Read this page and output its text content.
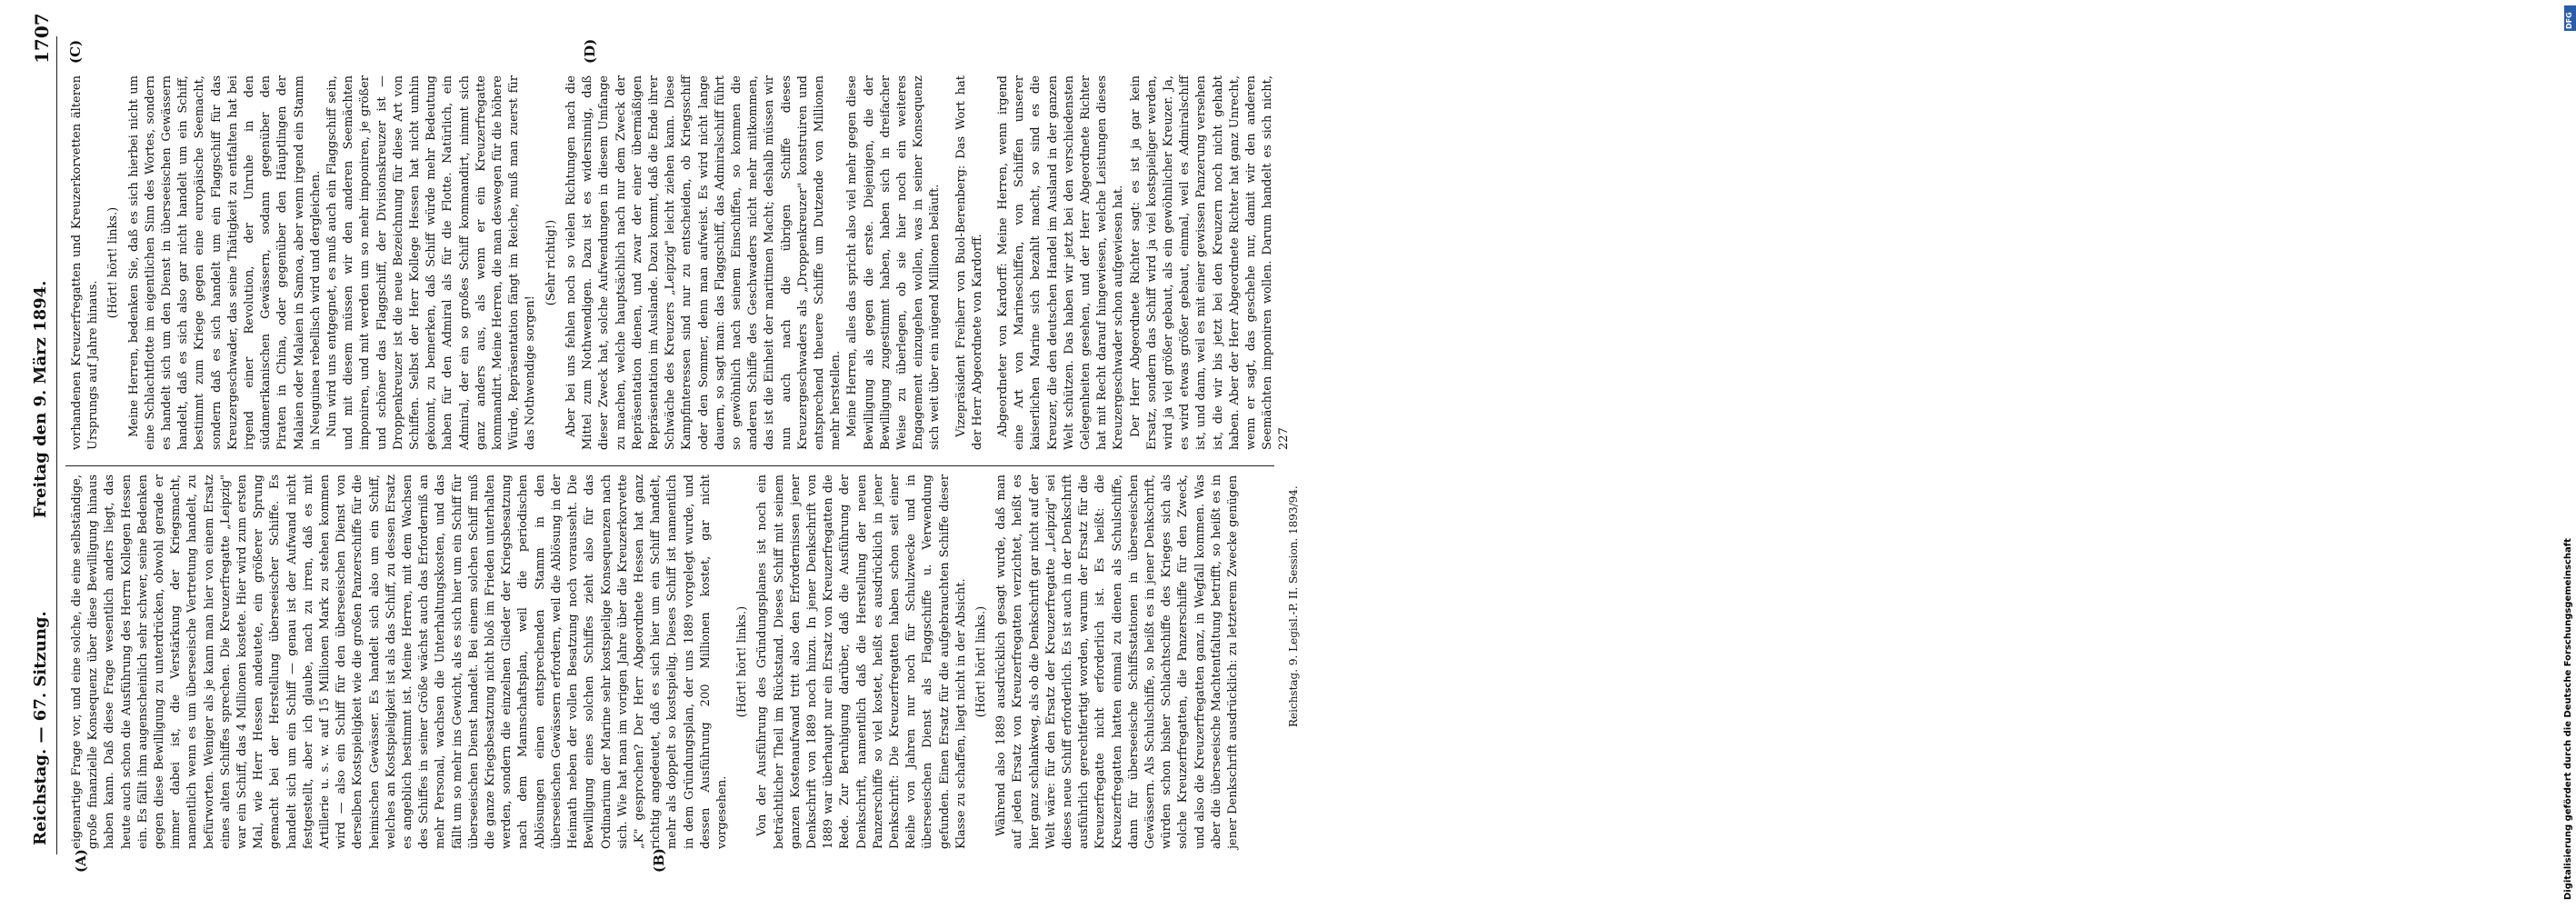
Reichstag. — 67. Sitzung.
Freitag den 9. März 1894.
1707
(A)	(B)
(C)	(D)

eigenartige Frage vor, und eine solche, die eine selbständige, große finanzielle Konsequenz über diese Bewilligung hinaus haben kann. Daß diese Frage wesentlich anders liegt, das heute auch schon die Ausführung des Herrn Kollegen Hessen ein. Es fällt ihm augenscheinlich sehr schwer, seine Bedenken gegen diese Bewilligung zu unterdrücken, obwohl gerade er immer dabei ist, die Verstärkung der Kriegsmacht, namentlich wenn es um überseeische Vertretung handelt, zu befürworten. Weniger als je kann man hier von einem Ersatz eines alten Schiffes sprechen. Die Kreuzerfregatte „Leipzig" war ein Schiff, das 4 Millionen kostete. Hier wird zum ersten Mal, wie Herr Hessen andeutete, ein größerer Sprung gemacht bei der Herstellung überseeischer Schiffe. Es handelt sich um ein Schiff — genau ist der Aufwand nicht festgestellt, aber ich glaube, nach zu irren, daß es mit Artillerie u. s. w. auf 15 Millionen Mark zu stehen kommen wird — also ein Schiff für den überseeischen Dienst von derselben Kostspieligkeit wie die großen Panzerschiffe für die heimischen Gewässer. Es handelt sich also um ein Schiff, welches an Kostspieligkeit ist als das Schiff, zu dessen Ersatz es angeblich bestimmt ist. Meine Herren, mit dem Wachsen des Schiffes in seiner Größe wächst auch das Erforderniß an mehr Personal, wachsen die Unterhaltungskosten, und das fällt um so mehr ins Gewicht, als es sich hier um ein Schiff für überseeischen Dienst handelt. Bei einem solchen Schiff muß die ganze Kriegsbesatzung nicht bloß im Frieden unterhalten werden, sondern die einzelnen Glieder der Kriegsbesatzung nach dem Mannschaftsplan, weil die periodischen Ablösungen einen entsprechenden Stamm in den überseeischen Gewässern erfordern, weil die Ablösung in der Heimath neben der vollen Besatzung noch vorausseht. Die Bewilligung eines solchen Schiffes zieht also für das Ordinarium der Marine sehr kostspielige Konsequenzen nach sich. Wie hat man im vorigen Jahre über die Kreuzerkorvette „K" gesprochen? Der Herr Abgeordnete Hessen hat ganz richtig angedeutet, daß es sich hier um ein Schiff handelt, mehr als doppelt so kostspielig. Dieses Schiff ist namentlich in dem Gründungsplan, der uns 1889 vorgelegt wurde, und dessen Ausführung 200 Millionen kostet, gar nicht vorgesehen.

(Hört! hört! links.) Von der Ausführung des Gründungsplanes ist noch ein beträchtlicher Theil im Rückstand. Dieses Schiff mit seinem ganzen Kostenaufwand tritt also den Erfordernissen jener Denkschrift von 1889 noch hinzu. In jener Denkschrift von 1889 war überhaupt nur ein Ersatz von Kreuzerfregatten die Rede. Zur Beruhigung darüber, daß die Ausführung der Denkschrift, namentlich daß die Herstellung der neuen Panzerschiffe so viel kostet, heißt es ausdrücklich in jener Denkschrift: Die Kreuzerfregatten haben schon seit einer Reihe von Jahren nur noch für Schulzwecke und in überseeischen Dienst als Flaggschiffe u. Verwendung gefunden. Einen Ersatz für die aufgebrauchten Schiffe dieser Klasse zu schaffen, liegt nicht in der Absicht. (Hört! hört! links.) Während also 1889 ausdrücklich gesagt wurde, daß man auf jeden Ersatz von Kreuzerfregatten verzichtet, heißt es hier ganz schlankweg, als ob die Denkschrift gar nicht auf der Welt wäre: für den Ersatz der Kreuzerfregatte „Leipzig" sei dieses neue Schiff erforderlich. Es ist auch in der Denkschrift ausführlich gerechtfertigt worden, warum der Ersatz für die Kreuzerfregatte nicht erforderlich ist. Es heißt: die Kreuzerfregatten hatten einmal zu dienen als Schulschiffe, dann für überseeische Schiffsstationen in überseeischen Gewässern. Als Schulschiffe, so heißt es in jener Denkschrift, würden schon bisher Schlachtschiffe des Krieges sich als solche Kreuzerfregatten, die Panzerschiffe für den Zweck, und also die Kreuzerfregatten ganz, in Wegfall kommen. Was aber die überseeische Machtentfaltung betrifft, so heißt es in jener Denkschrift ausdrücklich: zu letzterem Zwecke genügen

vorhandenen Kreuzerfregatten und Kreuzerkorvetten älteren Ursprungs auf Jahre hinaus.

(Hört! hört! links.) Meine Herren, bedenken Sie, daß es sich hierbei nicht um eine Schlachtflotte im eigentlichen Sinn des Wortes, sondern es handelt sich um den Dienst in überseeischen Gewässern handelt, daß es sich also gar nicht handelt um ein Schiff, bestimmt zum Kriege gegen eine europäische Seemacht, sondern daß es sich handelt um ein Flaggschiff für das Kreuzergeschwader, das seine Thätigkeit zu entfalten hat bei irgend einer Revolution, der Unruhe in den südamerikanischen Gewässern, sodann gegenüber den Piraten in China, oder gegenüber den Häuptlingen der Malaien oder Malaien in Samoa, aber wenn irgend ein Stamm in Neuguinea rebellisch wird und dergleichen. Nun wird uns entgegnet, es muß auch ein Flaggschiff sein, und mit diesem müssen wir den anderen Seemächten imponiren, und mit werden um so mehr imponiren, je größer und schöner das Flaggschiff, der Divisionskreuzer ist — Droppenkreuzer ist die neue Bezeichnung für diese Art von Schiffen. Selbst der Herr Kollege Hessen hat nicht umhin gekonnt, zu bemerken, daß Schiff würde mehr Bedeutung haben für den Admiral als für die Flotte. Natürlich, ein Admiral, der ein so großes Schiff kommandirt, nimmt sich ganz anders aus, als wenn er ein Kreuzerfregatte kommandirt. Meine Herren, die man deswegen für die höhere Würde, Repräsentation fängt im Reiche, muß man zuerst für das Nothwendige sorgen!

(Sehr richtig!) Aber bei uns fehlen noch so vielen Richtungen nach die Mittel zum Nothwendigen. Dazu ist es widersinnig, daß dieser Zweck hat, solche Aufwendungen in diesem Umfange zu machen, welche hauptsächlich nach nur dem Zweck der Repräsentation dienen, und zwar der einer übermäßigen Repräsentation im Auslande. Dazu kommt, daß die Ende ihrer Schwäche des Kreuzers „Leipzig" leicht ziehen kann. Diese Kampfinteressen sind nur zu entscheiden, ob Kriegsschiff oder den Sommer, denn man aufweist. Es wird nicht lange dauern, so sagt man: das Flaggschiff, das Admiralschiff führt so gewöhnlich nach seinem Einschiffen, so kommen die anderen Schiffe des Geschwaders nicht mehr mitkommen, das ist die Einheit der maritimen Macht; deshalb müssen wir nun auch nach die übrigen Schiffe dieses Kreuzergeschwaders als „Droppenkreuzer" konstruiren und entsprechend theuere Schiffe um Dutzende von Millionen mehr herstellen. Meine Herren, alles das spricht also viel mehr gegen diese Bewilligung als gegen die erste. Diejenigen, die der Bewilligung zugestimmt haben, haben sich in dreifacher Weise zu überlegen, ob sie hier noch ein weiteres Engagement einzugehen wollen, was in seiner Konsequenz sich weit über ein nügend Millionen beläuft. Vizepräsident Freiherr von Buol-Berenberg: Das Wort hat der Herr Abgeordnete von Kardorff. Abgeordneter von Kardorff: Meine Herren, wenn irgend eine Art von Marineschiffen, von Schiffen unserer kaiserlichen Marine sich bezahlt macht, so sind es die Kreuzer, die den deutschen Handel im Ausland in der ganzen Welt schützen. Das haben wir jetzt bei den verschiedensten Gelegenheiten gesehen, und der Herr Abgeordnete Richter hat mit Recht darauf hingewiesen, welche Leistungen dieses Kreuzergeschwader schon aufgewiesen hat. Der Herr Abgeordnete Richter sagt: es ist ja gar kein Ersatz, sondern das Schiff wird ja viel kostspieliger werden, wird ja viel größer gebaut, als ein gewöhnlicher Kreuzer. Ja, es wird etwas größer gebaut, einmal, weil es Admiralschiff ist, und dann, weil es mit einer gewissen Panzerung versehen ist, die wir bis jetzt bei den Kreuzern noch nicht gehabt haben. Aber der Herr Abgeordnete Richter hat ganz Unrecht, wenn er sagt, das geschehe nur, damit wir den anderen Seemächten imponiren wollen. Darum handelt es sich nicht, 227

Reichstag. 9. Legisl.-P. II. Session. 1893/94.	Digitalisierung gefördert durch die Deutsche Forschungsgemeinschaft
DFG
